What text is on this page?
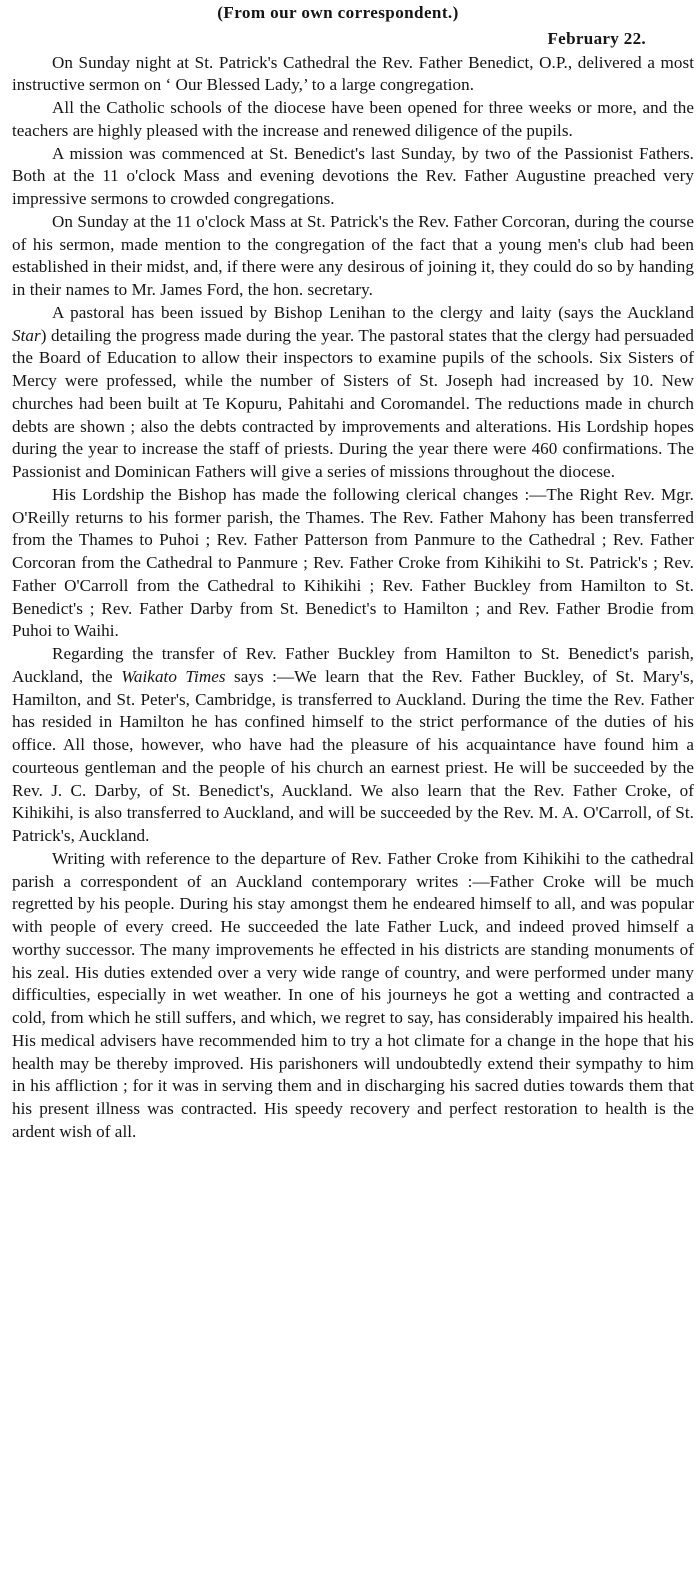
(From our own correspondent.)
February 22.

On Sunday night at St. Patrick's Cathedral the Rev. Father Benedict, O.P., delivered a most instructive sermon on ‘ Our Blessed Lady,’ to a large congregation.

All the Catholic schools of the diocese have been opened for three weeks or more, and the teachers are highly pleased with the increase and renewed diligence of the pupils.

A mission was commenced at St. Benedict's last Sunday, by two of the Passionist Fathers. Both at the 11 o'clock Mass and evening devotions the Rev. Father Augustine preached very impressive sermons to crowded congregations.

On Sunday at the 11 o'clock Mass at St. Patrick's the Rev. Father Corcoran, during the course of his sermon, made mention to the congregation of the fact that a young men's club had been established in their midst, and, if there were any desirous of joining it, they could do so by handing in their names to Mr. James Ford, the hon. secretary.

A pastoral has been issued by Bishop Lenihan to the clergy and laity (says the Auckland Star) detailing the progress made during the year. The pastoral states that the clergy had persuaded the Board of Education to allow their inspectors to examine pupils of the schools. Six Sisters of Mercy were professed, while the number of Sisters of St. Joseph had increased by 10. New churches had been built at Te Kopuru, Pahitahi and Coromandel. The reductions made in church debts are shown ; also the debts contracted by improvements and alterations. His Lordship hopes during the year to increase the staff of priests. During the year there were 460 confirmations. The Passionist and Dominican Fathers will give a series of missions throughout the diocese.

His Lordship the Bishop has made the following clerical changes :—The Right Rev. Mgr. O'Reilly returns to his former parish, the Thames. The Rev. Father Mahony has been transferred from the Thames to Puhoi ; Rev. Father Patterson from Panmure to the Cathedral ; Rev. Father Corcoran from the Cathedral to Panmure ; Rev. Father Croke from Kihikihi to St. Patrick's ; Rev. Father O'Carroll from the Cathedral to Kihikihi ; Rev. Father Buckley from Hamilton to St. Benedict's ; Rev. Father Darby from St. Benedict's to Hamilton ; and Rev. Father Brodie from Puhoi to Waihi.

Regarding the transfer of Rev. Father Buckley from Hamilton to St. Benedict's parish, Auckland, the Waikato Times says :—We learn that the Rev. Father Buckley, of St. Mary's, Hamilton, and St. Peter's, Cambridge, is transferred to Auckland. During the time the Rev. Father has resided in Hamilton he has confined himself to the strict performance of the duties of his office. All those, however, who have had the pleasure of his acquaintance have found him a courteous gentleman and the people of his church an earnest priest. He will be succeeded by the Rev. J. C. Darby, of St. Benedict's, Auckland. We also learn that the Rev. Father Croke, of Kihikihi, is also transferred to Auckland, and will be succeeded by the Rev. M. A. O'Carroll, of St. Patrick's, Auckland.

Writing with reference to the departure of Rev. Father Croke from Kihikihi to the cathedral parish a correspondent of an Auckland contemporary writes :—Father Croke will be much regretted by his people. During his stay amongst them he endeared himself to all, and was popular with people of every creed. He succeeded the late Father Luck, and indeed proved himself a worthy successor. The many improvements he effected in his districts are standing monuments of his zeal. His duties extended over a very wide range of country, and were performed under many difficulties, especially in wet weather. In one of his journeys he got a wetting and contracted a cold, from which he still suffers, and which, we regret to say, has considerably impaired his health. His medical advisers have recommended him to try a hot climate for a change in the hope that his health may be thereby improved. His parishoners will undoubtedly extend their sympathy to him in his affliction ; for it was in serving them and in discharging his sacred duties towards them that his present illness was contracted. His speedy recovery and perfect restoration to health is the ardent wish of all.
